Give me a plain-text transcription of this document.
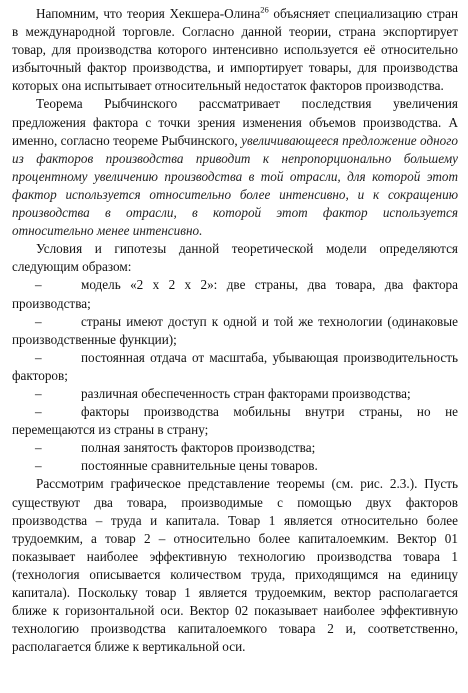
Напомним, что теория Хекшера-Олина$^{26}$ объясняет специализацию стран в международной торговле. Согласно данной теории, страна экспортирует товар, для производства которого интенсивно используется её относительно избыточный фактор производства, и импортирует товары, для производства которых она испытывает относительный недостаток факторов производства.

Теорема Рыбчинского рассматривает последствия увеличения предложения фактора с точки зрения изменения объемов производства. А именно, согласно теореме Рыбчинского, увеличивающееся предложение одного из факторов производства приводит к непропорционально большему процентному увеличению производства в той отрасли, для которой этот фактор используется относительно более интенсивно, и к сокращению производства в отрасли, в которой этот фактор используется относительно менее интенсивно.

Условия и гипотезы данной теоретической модели определяются следующим образом:

–	модель «2 х 2 х 2»: две страны, два товара, два фактора производства;

–	страны имеют доступ к одной и той же технологии (одинаковые производственные функции);

–	постоянная отдача от масштаба, убывающая производительность факторов;

–	различная обеспеченность стран факторами производства;

–	факторы производства мобильны внутри страны, но не перемещаются из страны в страну;

–	полная занятость факторов производства;

–	постоянные сравнительные цены товаров.

Рассмотрим графическое представление теоремы (см. рис. 2.3.). Пусть существуют два товара, производимые с помощью двух факторов производства – труда и капитала. Товар 1 является относительно более трудоемким, а товар 2 – относительно более капиталоемким. Вектор 01 показывает наиболее эффективную технологию производства товара 1 (технология описывается количеством труда, приходящимся на единицу капитала). Поскольку товар 1 является трудоемким, вектор располагается ближе к горизонтальной оси. Вектор 02 показывает наиболее эффективную технологию производства капиталоемкого товара 2 и, соответственно, располагается ближе к вертикальной оси.
